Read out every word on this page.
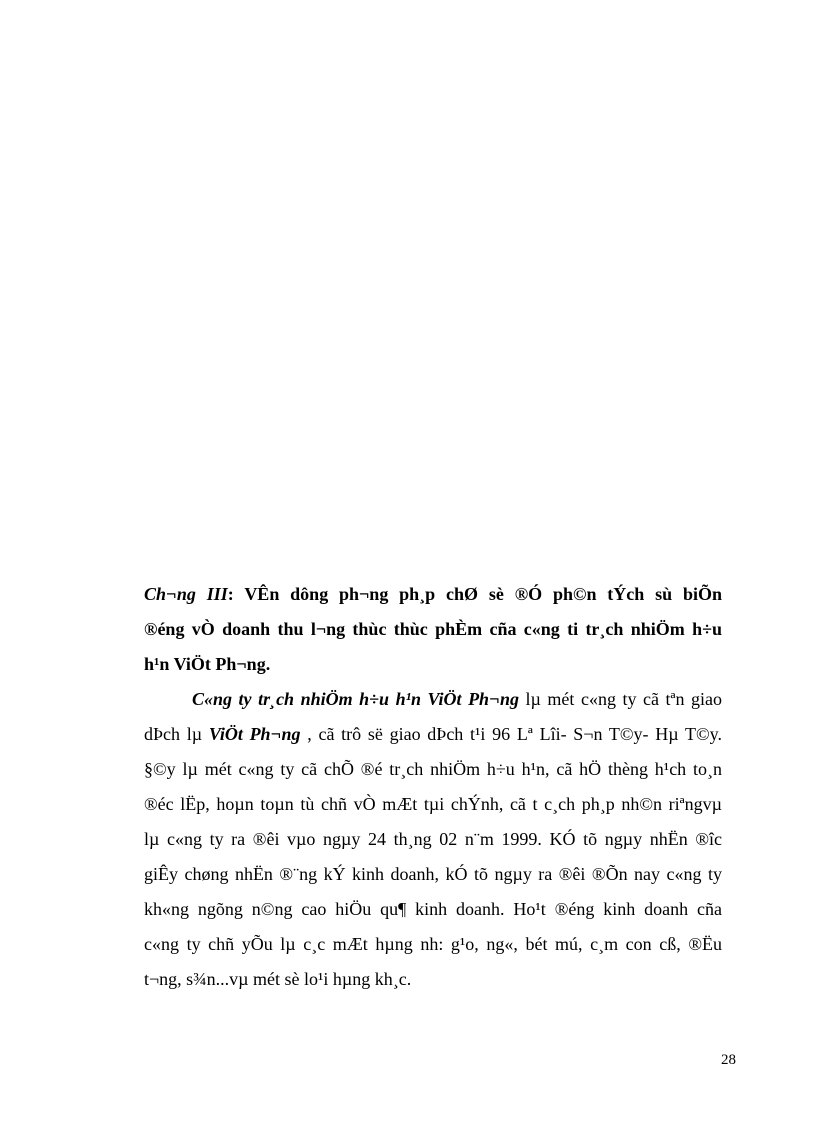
Ch¬ng III: VÊn dông ph¬ng ph¸p chØ sè ®Ó ph©n tÝch sù biÕn
®éng vÒ doanh thu l¬ng thùc thùc phÈm cña c«ng ti tr¸ch nhiÖm h÷u
h¹n ViÖt Ph¬ng.
C«ng ty tr¸ch nhiÖm h÷u h¹n ViÖt Ph¬ng lµ mét c«ng ty cã tªn giao
dÞch lµ ViÖt Ph¬ng , cã trô së giao dÞch t¹i 96 Lª Lîi- S¬n T©y- Hµ T©y.
§©y lµ mét c«ng ty cã chÕ ®é tr¸ch nhiÖm h÷u h¹n, cã hÖ thèng h¹ch to¸n
®éc lËp, hoµn toµn tù chñ vÒ mÆt tµi chÝnh, cã t c¸ch ph¸p nh©n riªngvµ
lµ c«ng ty ra ®êi vµo ngµy 24 th¸ng 02 n¨m 1999. KÓ tõ ngµy nhËn ®îc
giÊy chøng nhËn ®¨ng kÝ kinh doanh, kÓ tõ ngµy ra ®êi ®Õn nay c«ng ty
kh«ng ngõng n©ng cao hiÖu qu¶ kinh doanh. Ho¹t ®éng kinh doanh cña
c«ng ty chñ yÕu lµ c¸c mÆt hµng nh: g¹o, ng«, bét mú, c¸m con cß, ®Ëu
t¬ng, s¾n...vµ mét sè lo¹i hµng kh¸c.
28
